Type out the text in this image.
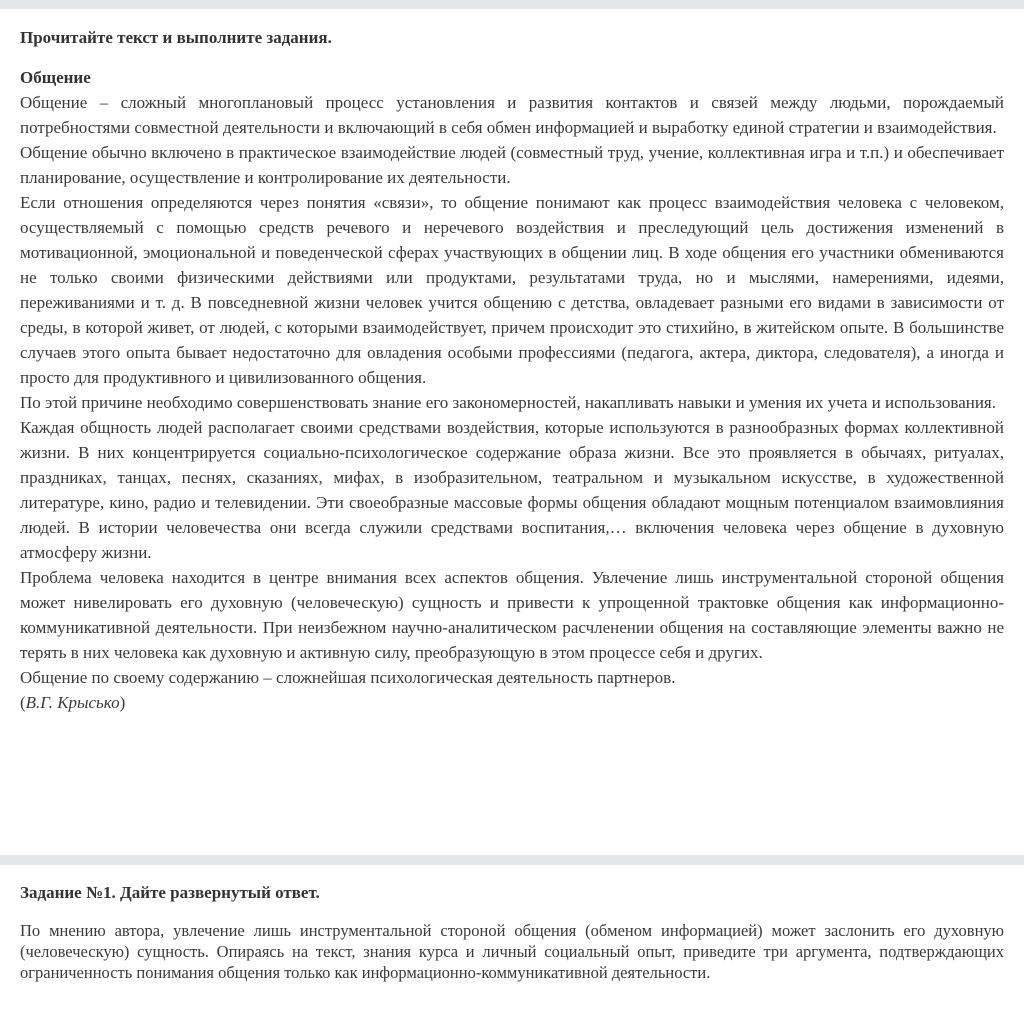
Прочитайте текст и выполните задания.

Общение

Общение – сложный многоплановый процесс установления и развития контактов и связей между людьми, порождаемый потребностями совместной деятельности и включающий в себя обмен информацией и выработку единой стратегии и взаимодействия.

Общение обычно включено в практическое взаимодействие людей (совместный труд, учение, коллективная игра и т.п.) и обеспечивает планирование, осуществление и контролирование их деятельности.

Если отношения определяются через понятия «связи», то общение понимают как процесс взаимодействия человека с человеком, осуществляемый с помощью средств речевого и неречевого воздействия и преследующий цель достижения изменений в мотивационной, эмоциональной и поведенческой сферах участвующих в общении лиц. В ходе общения его участники обмениваются не только своими физическими действиями или продуктами, результатами труда, но и мыслями, намерениями, идеями, переживаниями и т. д. В повседневной жизни человек учится общению с детства, овладевает разными его видами в зависимости от среды, в которой живет, от людей, с которыми взаимодействует, причем происходит это стихийно, в житейском опыте. В большинстве случаев этого опыта бывает недостаточно для овладения особыми профессиями (педагога, актера, диктора, следователя), а иногда и просто для продуктивного и цивилизованного общения.

По этой причине необходимо совершенствовать знание его закономерностей, накапливать навыки и умения их учета и использования.

Каждая общность людей располагает своими средствами воздействия, которые используются в разнообразных формах коллективной жизни. В них концентрируется социально-психологическое содержание образа жизни. Все это проявляется в обычаях, ритуалах, праздниках, танцах, песнях, сказаниях, мифах, в изобразительном, театральном и музыкальном искусстве, в художественной литературе, кино, радио и телевидении. Эти своеобразные массовые формы общения обладают мощным потенциалом взаимовлияния людей. В истории человечества они всегда служили средствами воспитания,… включения человека через общение в духовную атмосферу жизни.

Проблема человека находится в центре внимания всех аспектов общения. Увлечение лишь инструментальной стороной общения может нивелировать его духовную (человеческую) сущность и привести к упрощенной трактовке общения как информационно-коммуникативной деятельности. При неизбежном научно-аналитическом расчленении общения на составляющие элементы важно не терять в них человека как духовную и активную силу, преобразующую в этом процессе себя и других.

Общение по своему содержанию – сложнейшая психологическая деятельность партнеров.

(В.Г. Крысько)

Задание №1. Дайте развернутый ответ.

По мнению автора, увлечение лишь инструментальной стороной общения (обменом информацией) может заслонить его духовную (человеческую) сущность. Опираясь на текст, знания курса и личный социальный опыт, приведите три аргумента, подтверждающих ограниченность понимания общения только как информационно-коммуникативной деятельности.
